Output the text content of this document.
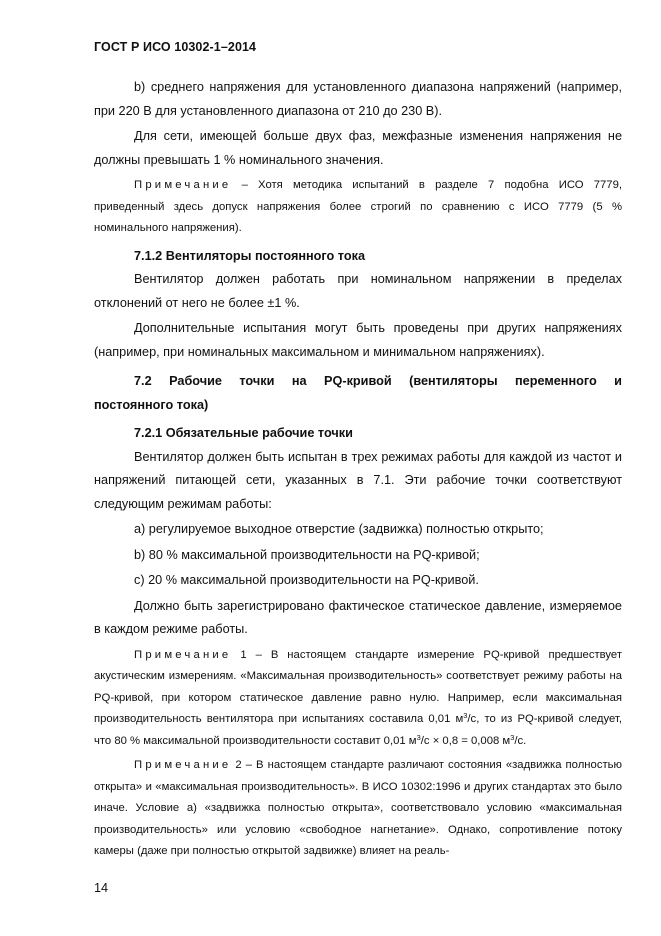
ГОСТ Р ИСО 10302-1–2014

b) среднего напряжения для установленного диапазона напряжений (например, при 220 В для установленного диапазона от 210 до 230 В).

Для сети, имеющей больше двух фаз, межфазные изменения напряжения не должны превышать 1 % номинального значения.

Примечание – Хотя методика испытаний в разделе 7 подобна ИСО 7779, приведенный здесь допуск напряжения более строгий по сравнению с ИСО 7779 (5 % номинального напряжения).

7.1.2 Вентиляторы постоянного тока

Вентилятор должен работать при номинальном напряжении в пределах отклонений от него не более ±1 %.

Дополнительные испытания могут быть проведены при других напряжениях (например, при номинальных максимальном и минимальном напряжениях).

7.2 Рабочие точки на PQ-кривой (вентиляторы переменного и

постоянного тока)

7.2.1 Обязательные рабочие точки

Вентилятор должен быть испытан в трех режимах работы для каждой из частот и напряжений питающей сети, указанных в 7.1. Эти рабочие точки соответствуют следующим режимам работы:

a) регулируемое выходное отверстие (задвижка) полностью открыто;

b) 80 % максимальной производительности на PQ-кривой;

c) 20 % максимальной производительности на PQ-кривой.

Должно быть зарегистрировано фактическое статическое давление, измеряемое в каждом режиме работы.

Примечание 1 – В настоящем стандарте измерение PQ-кривой предшествует акустическим измерениям. «Максимальная производительность» соответствует режиму работы на PQ-кривой, при котором статическое давление равно нулю. Например, если максимальная производительность вентилятора при испытаниях составила 0,01 $м^3/с$, то из PQ-кривой следует, что 80 % максимальной производительности составит 0,01 $м^3/с \times 0,8 = 0,008$ $м^3/с$.

Примечание 2 – В настоящем стандарте различают состояния «задвижка полностью открыта» и «максимальная производительность». В ИСО 10302:1996 и других стандартах это было иначе. Условие а) «задвижка полностью открыта», соответствовало условию «максимальная производительность» или условию «свободное нагнетание». Однако, сопротивление потоку камеры (даже при полностью открытой задвижке) влияет на реаль-

14
